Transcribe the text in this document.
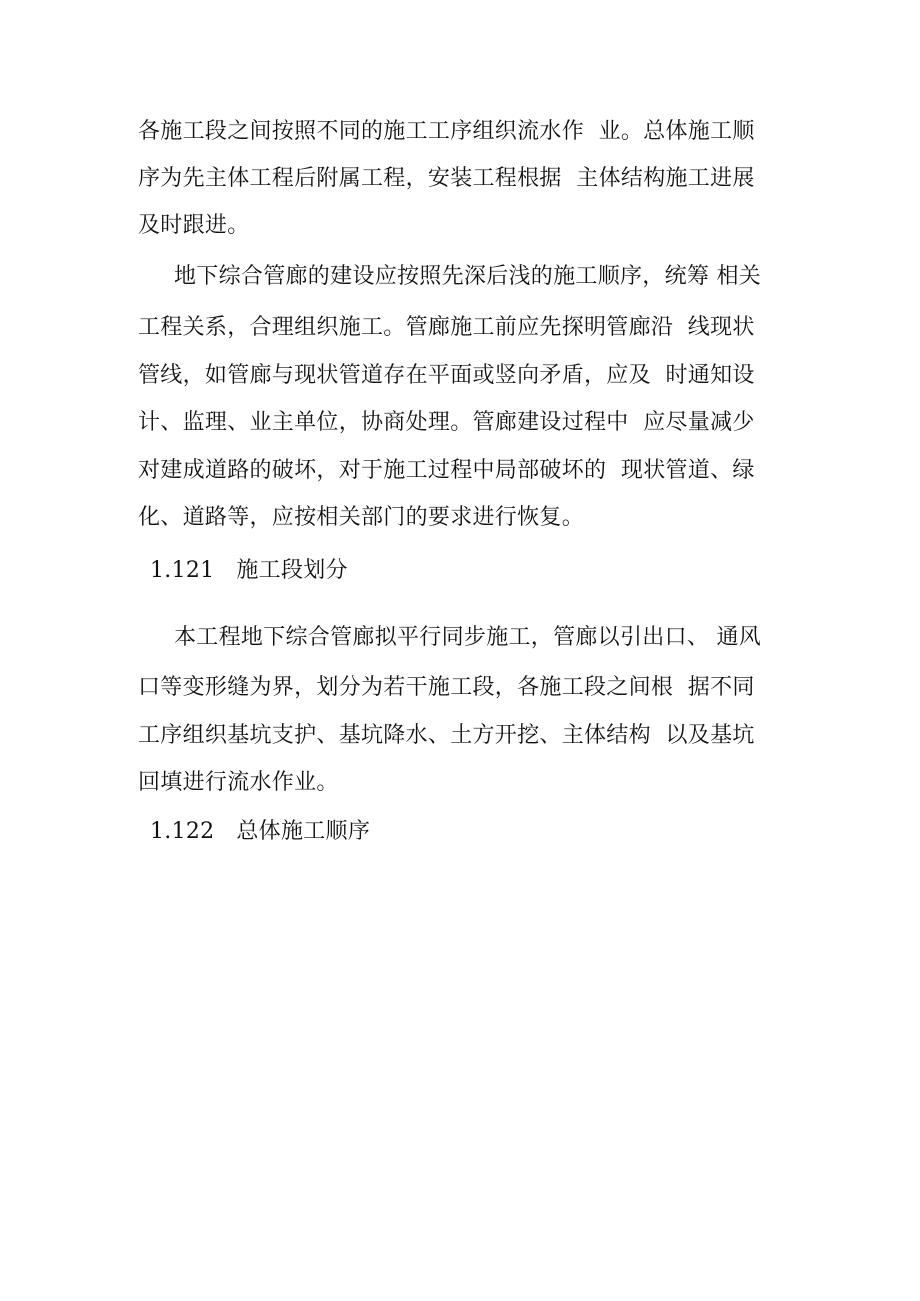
各施工段之间按照不同的施工工序组织流水作  业。总体施工顺
序为先主体工程后附属工程，安装工程根据  主体结构施工进展
及时跟进。
地下综合管廊的建设应按照先深后浅的施工顺序，统筹 相关
工程关系，合理组织施工。管廊施工前应先探明管廊沿  线现状
管线，如管廊与现状管道存在平面或竖向矛盾，应及  时通知设
计、监理、业主单位，协商处理。管廊建设过程中  应尽量减少
对建成道路的破坏，对于施工过程中局部破坏的  现状管道、绿
化、道路等，应按相关部门的要求进行恢复。
1.121   施工段划分
本工程地下综合管廊拟平行同步施工，管廊以引出口、 通风
口等变形缝为界，划分为若干施工段，各施工段之间根  据不同
工序组织基坑支护、基坑降水、土方开挖、主体结构  以及基坑
回填进行流水作业。
1.122   总体施工顺序
